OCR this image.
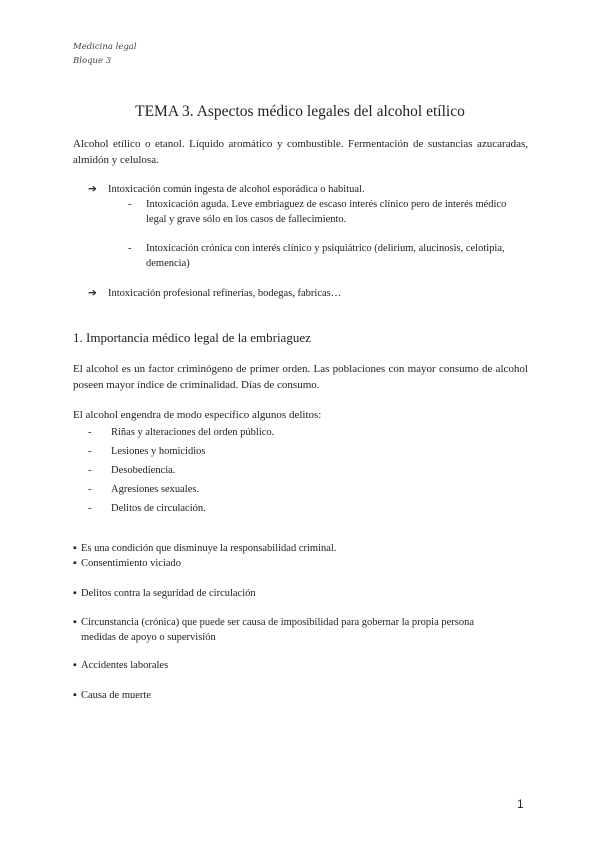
Medicina legal
Bloque 3
TEMA 3. Aspectos médico legales del alcohol etílico
Alcohol etílico o etanol. Líquido aromático y combustible. Fermentación de sustancias azucaradas, almidón y celulosa.
➔ Intoxicación común ingesta de alcohol esporádica o habitual.
-	Intoxicación aguda. Leve embriaguez de escaso interés clínico pero de interés médico legal y grave sólo en los casos de fallecimiento.
-	Intoxicación crónica con interés clínico y psiquiátrico (delirium, alucinosis, celotipia, demencia)
➔ Intoxicación profesional refinerías, bodegas, fabricas…
1. Importancia médico legal de la embriaguez
El alcohol es un factor criminógeno de primer orden. Las poblaciones con mayor consumo de alcohol poseen mayor índice de criminalidad. Días de consumo.
El alcohol engendra de modo específico algunos delitos:
- Riñas y alteraciones del orden público.
- Lesiones y homicidios
- Desobediencia.
- Agresiones sexuales.
- Delitos de circulación.
▪ Es una condición que disminuye la responsabilidad criminal.
▪ Consentimiento viciado
▪ Delitos contra la seguridad de circulación
▪ Circunstancia (crónica) que puede ser causa de imposibilidad para gobernar la propia persona
medidas de apoyo o supervisión
▪ Accidentes laborales
▪ Causa de muerte
1
